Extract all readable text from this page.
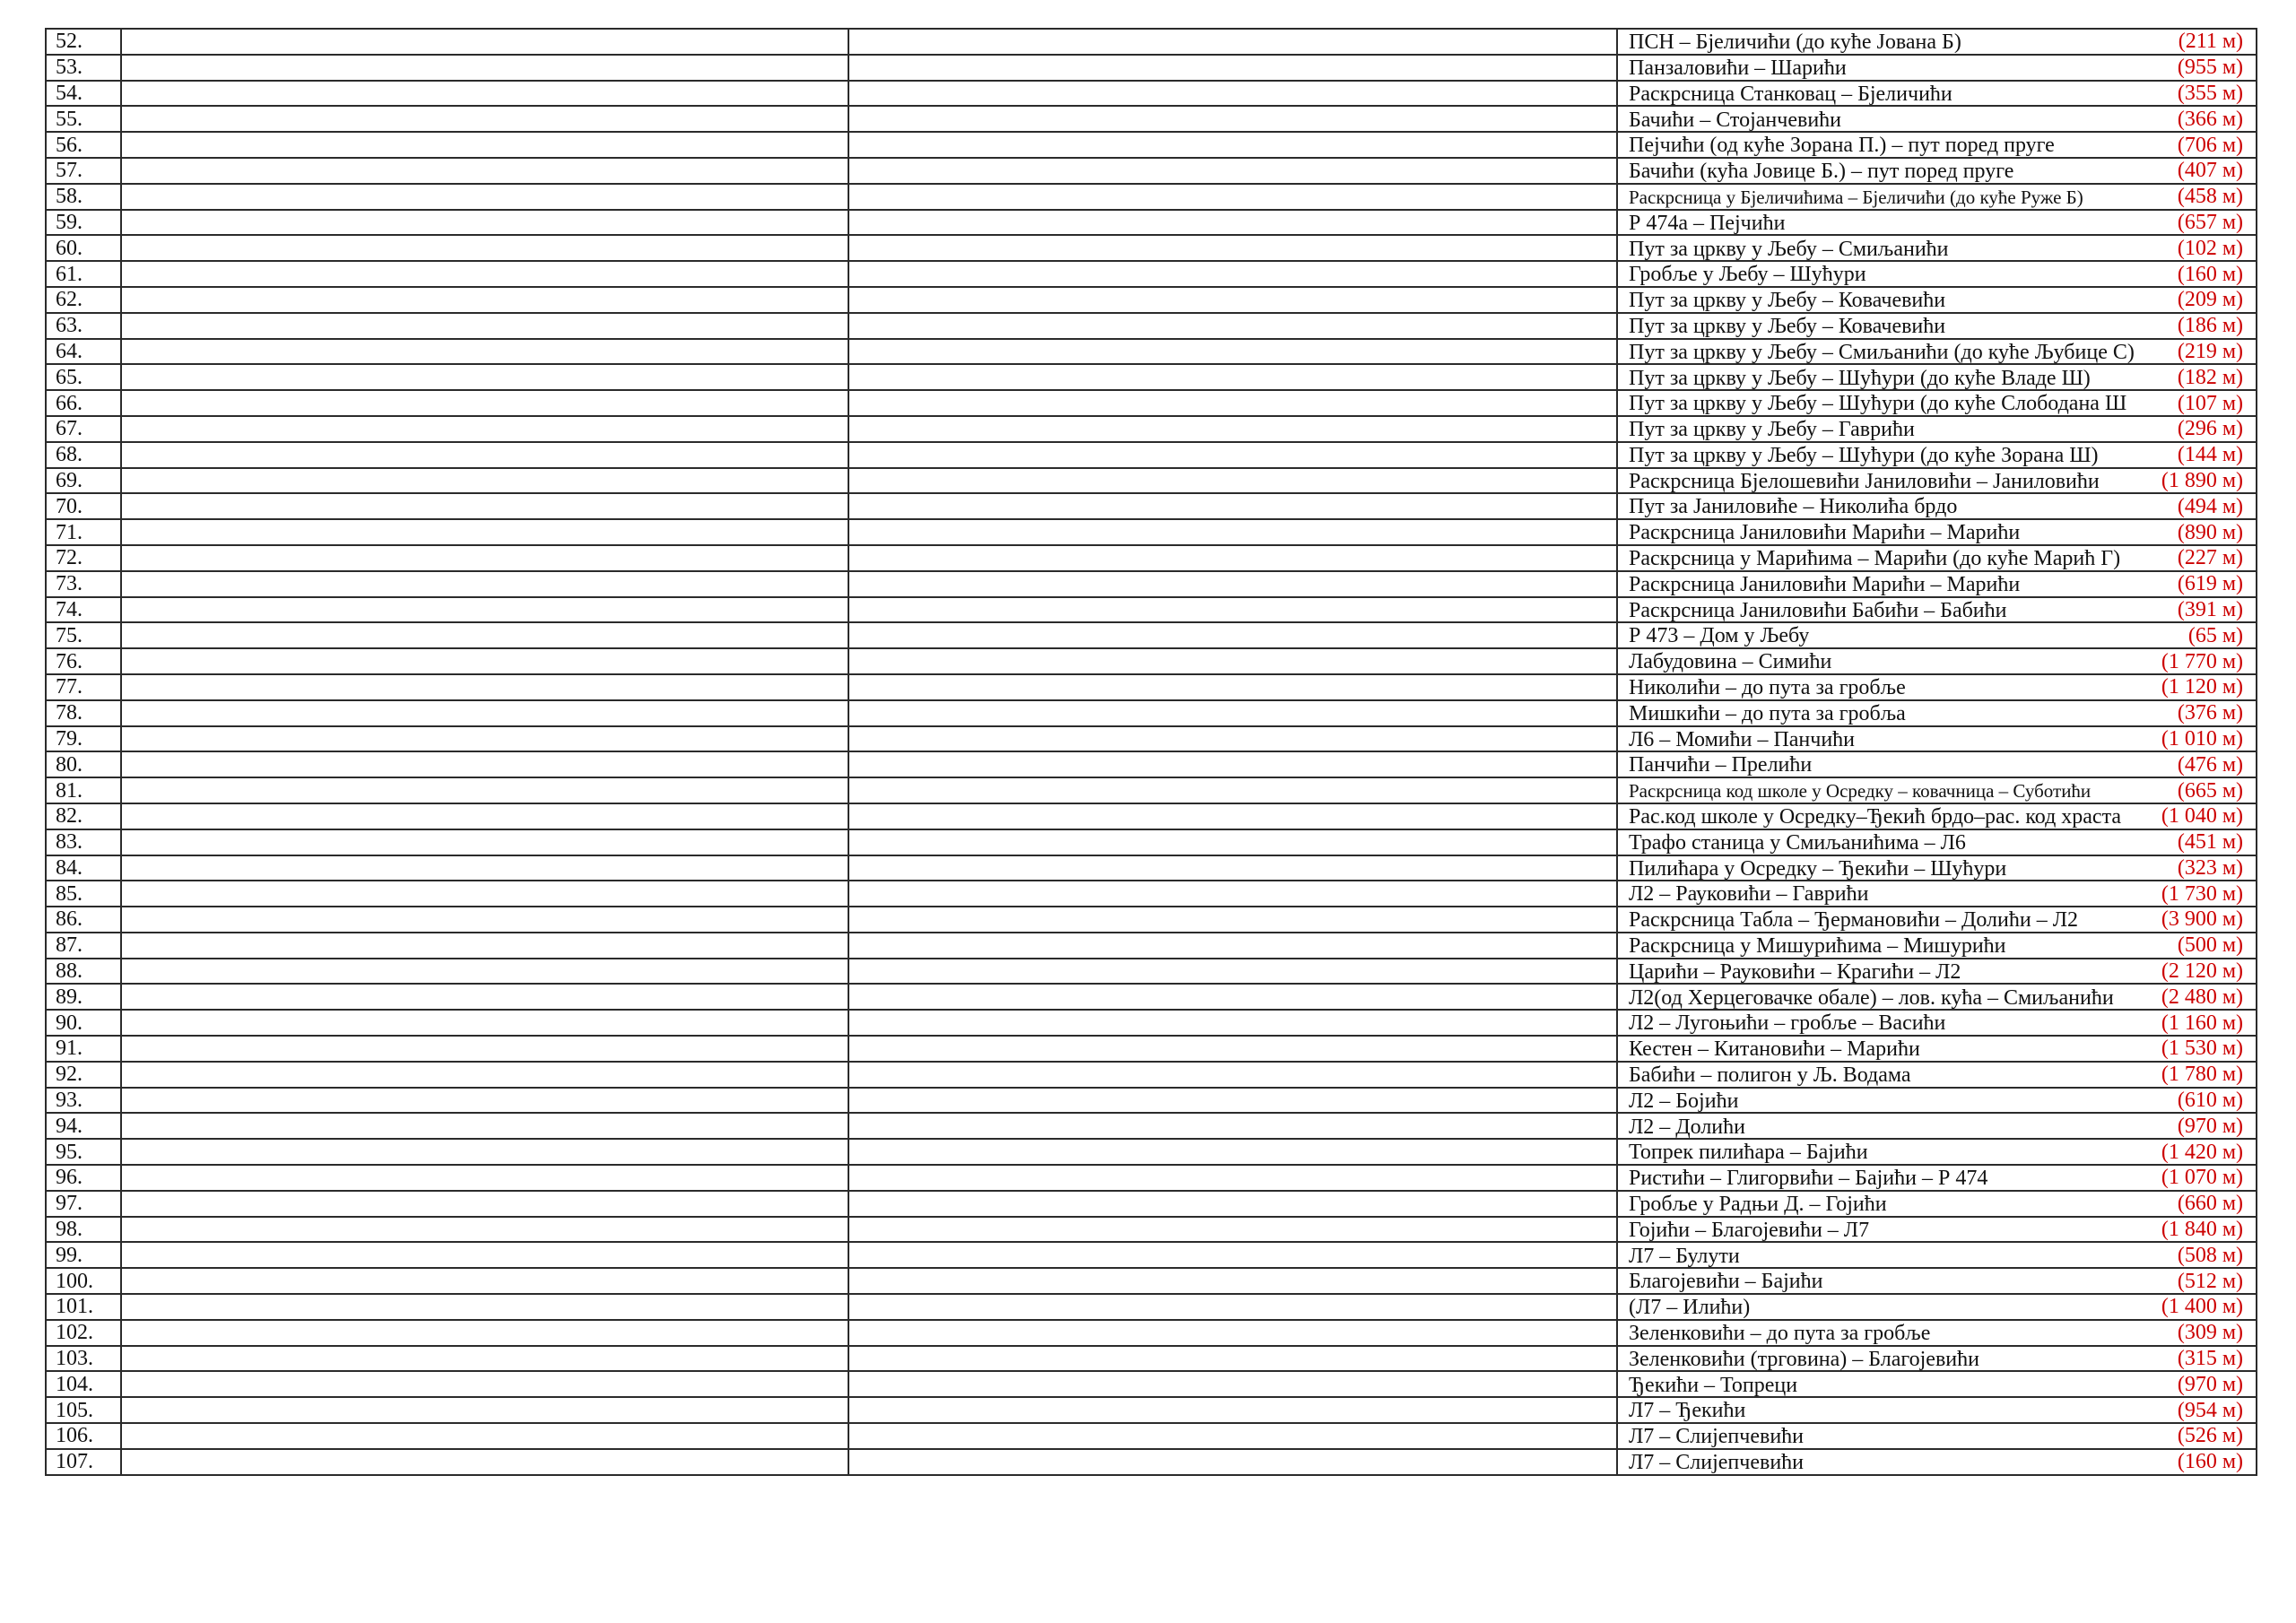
52.			ПСН – Бјеличићи (до куће Јована Б) (211 м)

53.			Панзаловићи – Шарићи (955 м)

54.			Раскрсница Станковац – Бјеличићи (355 м)

55.			Бачићи – Стојанчевићи (366 м)

56.			Пејчићи (од куће Зорана П.) – пут поред пруге (706 м)

57.			Бачићи (кућа Јовице Б.) – пут поред пруге (407 м)

58.			Раскрсница у Бјеличићима – Бјеличићи (до куће Руже Б) (458 м)

59.			Р 474а – Пејчићи (657 м)

60.			Пут за цркву у Љебу – Смиљанићи (102 м)

61.			Гробље у Љебу – Шућури (160 м)

62.			Пут за цркву у Љебу – Ковачевићи (209 м)

63.			Пут за цркву у Љебу – Ковачевићи (186 м)

64.			Пут за цркву у Љебу – Смиљанићи (до куће Љубице С) (219 м)

65.			Пут за цркву у Љебу – Шућури (до куће Владе Ш) (182 м)

66.			Пут за цркву у Љебу – Шућури (до куће Слободана Ш (107 м)

67.			Пут за цркву у Љебу – Гаврићи (296 м)

68.			Пут за цркву у Љебу – Шућури (до куће Зорана Ш) (144 м)

69.			Раскрсница Бјелошевићи Јаниловићи – Јаниловићи (1 890 м)

70.			Пут за Јаниловиће – Николића брдо (494 м)

71.			Раскрсница Јаниловићи Марићи – Марићи (890 м)

72.			Раскрсница у Марићима – Марићи (до куће Марић Г) (227 м)

73.			Раскрсница Јаниловићи Марићи – Марићи (619 м)

74.			Раскрсница Јаниловићи Бабићи – Бабићи (391 м)

75.			Р 473 – Дом у Љебу (65 м)

76.			Лабудовина – Симићи (1 770 м)

77.			Николићи – до пута за гробље (1 120 м)

78.			Мишкићи – до пута за гробља (376 м)

79.			Л6 – Момићи – Панчићи (1 010 м)

80.			Панчићи – Прелићи (476 м)

81.			Раскрсница код школе у Осредку – ковачница – Суботићи (665 м)

82.			Рас.код школе у Осредку–Ђекић брдо–рас. код храста (1 040 м)

83.			Трафо станица у Смиљанићима – Л6 (451 м)

84.			Пилићара у Осредку – Ђекићи – Шућури (323 м)

85.			Л2 – Рауковићи – Гаврићи (1 730 м)

86.			Раскрсница Табла – Ђермановићи – Долићи – Л2 (3 900 м)

87.			Раскрсница у Мишурићима – Мишурићи (500 м)

88.			Царићи – Рауковићи – Крагићи – Л2 (2 120 м)

89.			Л2(од Херцеговачке обале) – лов. кућа – Смиљанићи (2 480 м)

90.			Л2 – Лугоњићи – гробље – Васићи (1 160 м)

91.			Кестен – Китановићи – Марићи (1 530 м)

92.			Бабићи – полигон у Љ. Водама (1 780 м)

93.			Л2 – Бојићи (610 м)

94.			Л2 – Долићи (970 м)

95.			Топрек пилићара – Бајићи (1 420 м)

96.			Ристићи – Глигорвићи – Бајићи – Р 474 (1 070 м)

97.			Гробље у Радњи Д. – Гојићи (660 м)

98.			Гојићи – Благојевићи – Л7 (1 840 м)

99.			Л7 – Булути (508 м)

100.			Благојевићи – Бајићи (512 м)

101.			(Л7 – Илићи) (1 400 м)

102.			Зеленковићи – до пута за гробље (309 м)

103.			Зеленковићи (трговина) – Благојевићи (315 м)

104.			Ђекићи – Топреци (970 м)

105.			Л7 – Ђекићи (954 м)

106.			Л7 – Слијепчевићи (526 м)

107.			Л7 – Слијепчевићи (160 м)
